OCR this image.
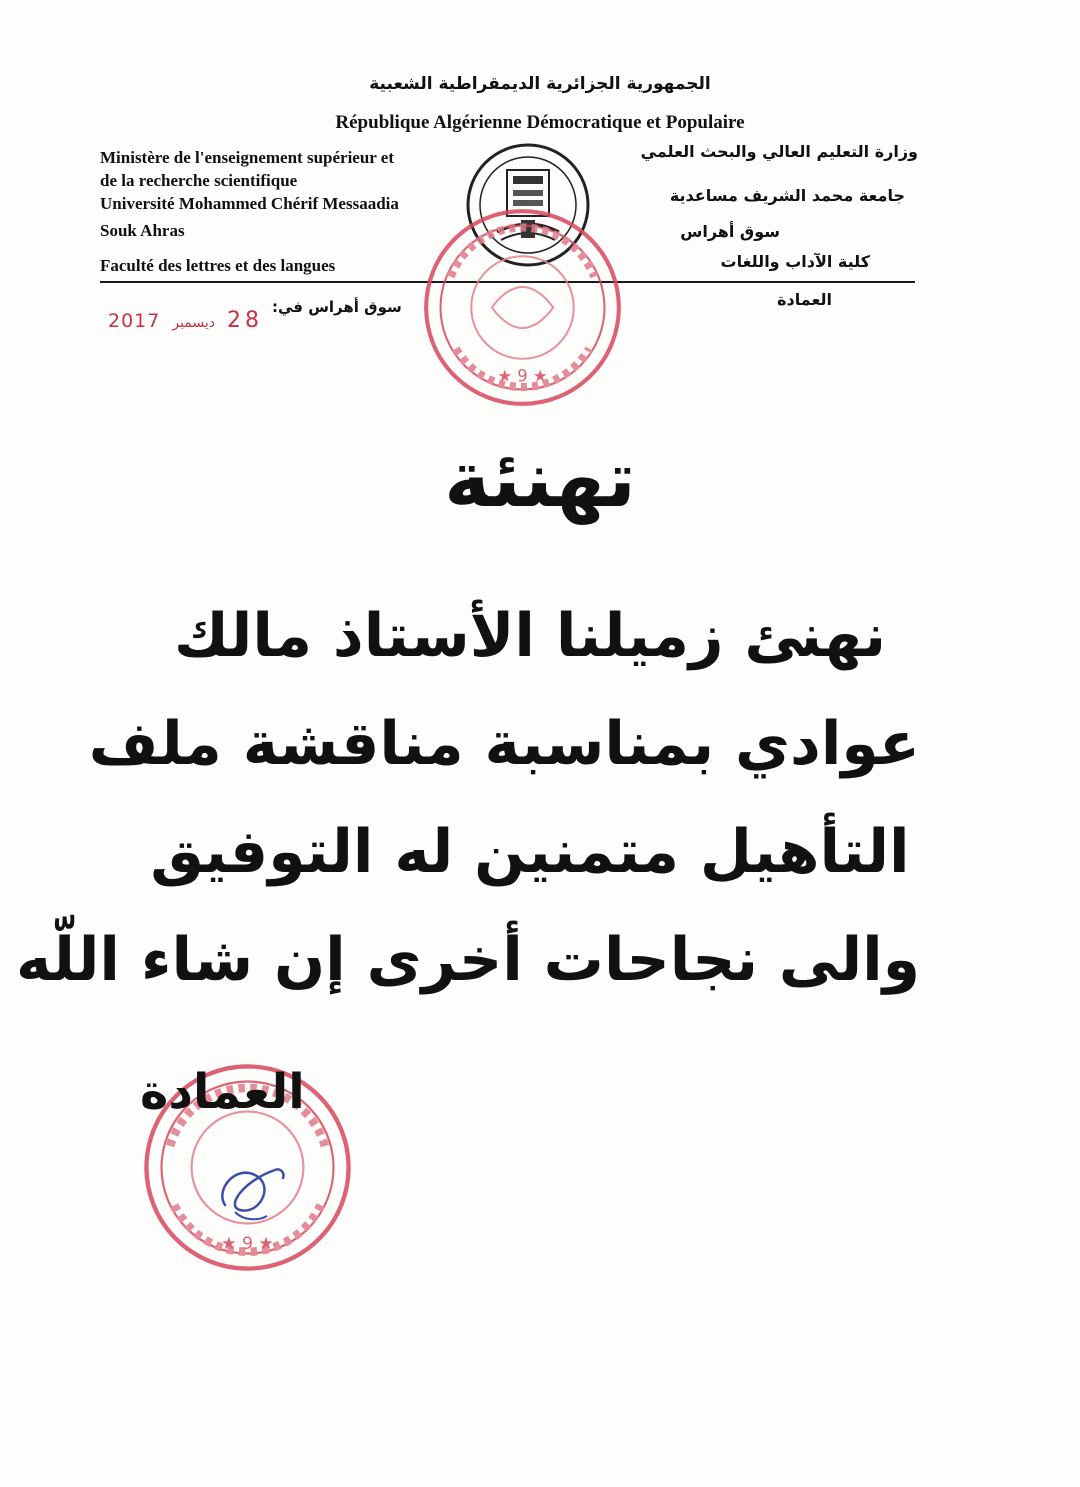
الجمهورية الجزائرية الديمقراطية الشعبية
République Algérienne Démocratique et Populaire
Ministère de l'enseignement supérieur et
de la recherche scientifique
Université Mohammed Chérif Messaadia
Souk Ahras
Faculté des lettres et des langues
وزارة التعليم العالي والبحث العلمي
جامعة محمد الشريف مساعدية
سوق أهراس
كلية الآداب واللغات
العمادة
سوق أهراس في:
2017 ديسمبر 28
★ 9 ★
تهنئة
نهنئ زميلنا الأستاذ مالك
عوادي بمناسبة مناقشة ملف
التأهيل متمنين له التوفيق
والى نجاحات أخرى إن شاء اللّه
★ 9 ★
العمادة
